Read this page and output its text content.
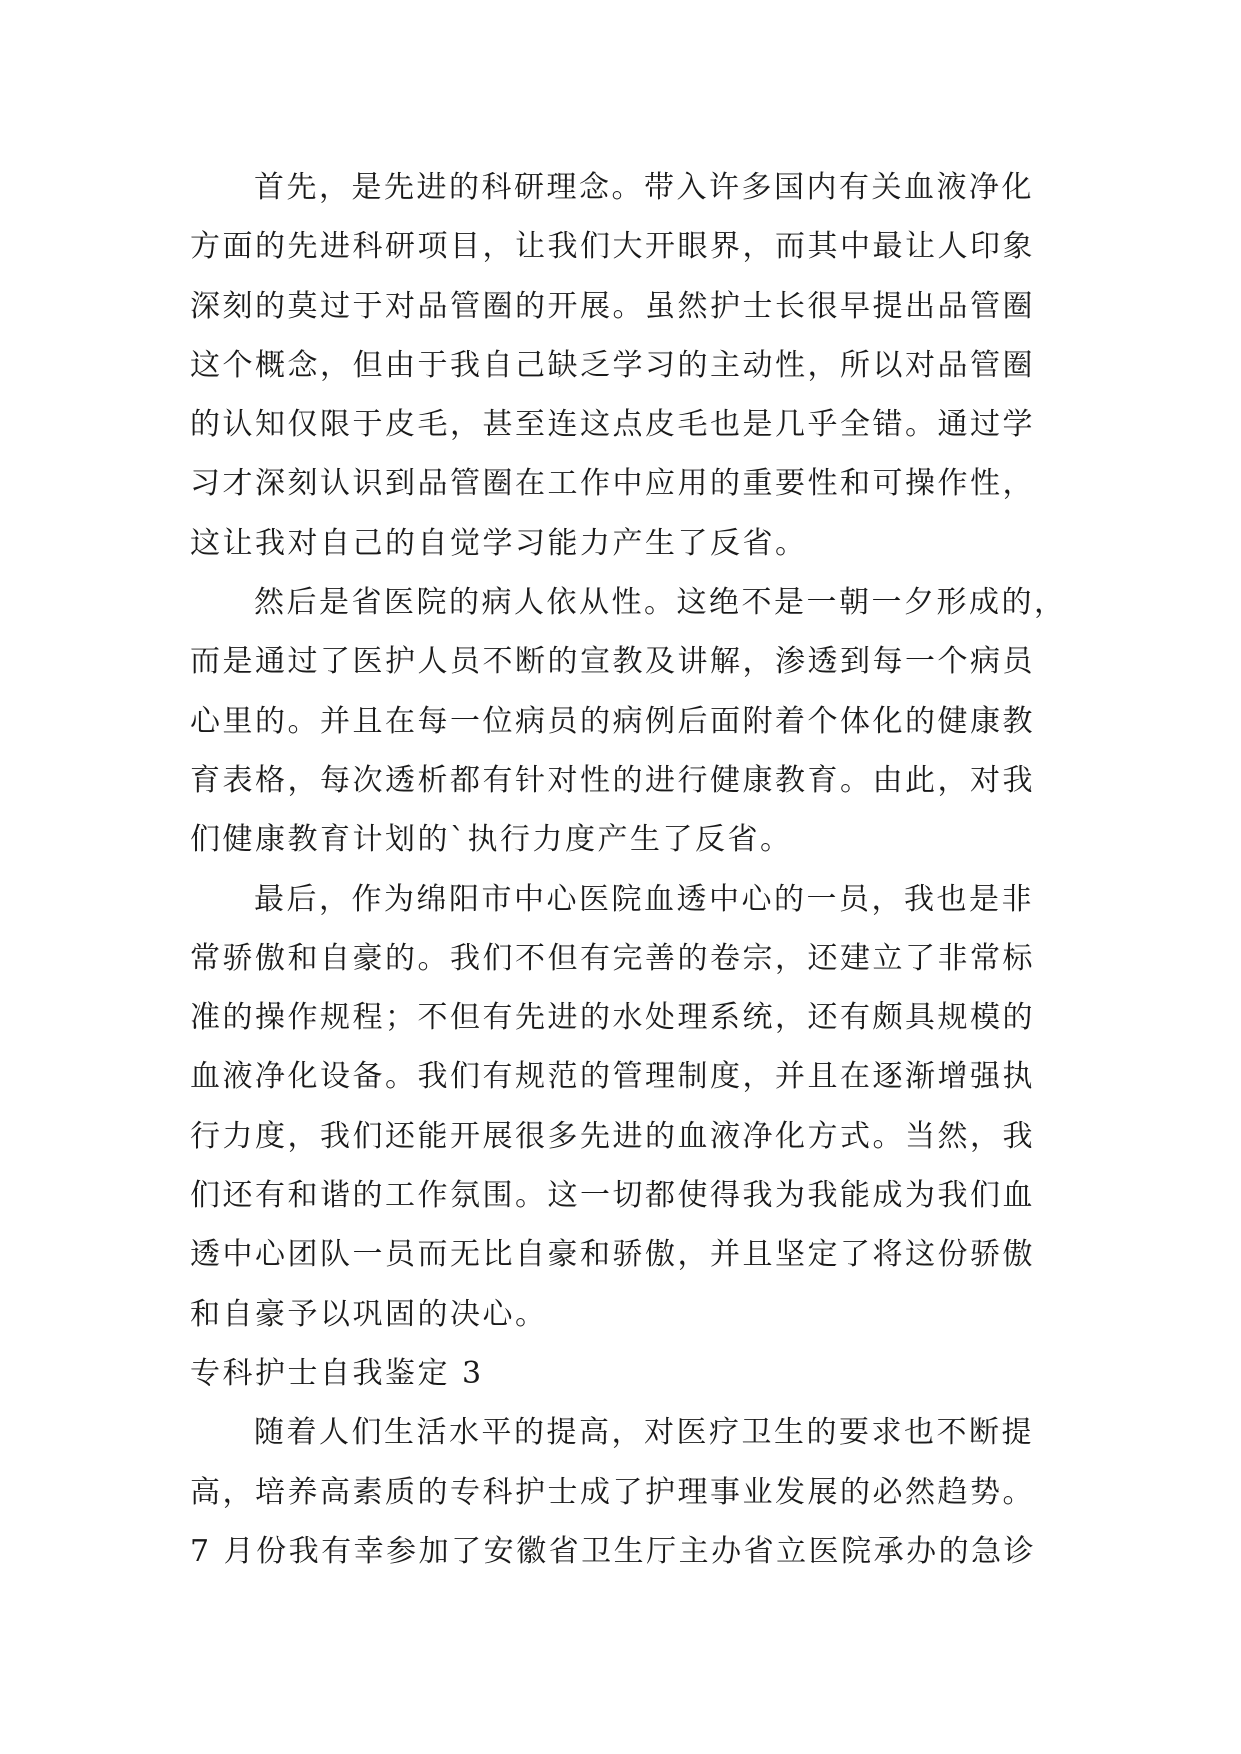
首先，是先进的科研理念。带入许多国内有关血液净化
方面的先进科研项目，让我们大开眼界，而其中最让人印象
深刻的莫过于对品管圈的开展。虽然护士长很早提出品管圈
这个概念，但由于我自己缺乏学习的主动性，所以对品管圈
的认知仅限于皮毛，甚至连这点皮毛也是几乎全错。通过学
习才深刻认识到品管圈在工作中应用的重要性和可操作性，
这让我对自己的自觉学习能力产生了反省。
然后是省医院的病人依从性。这绝不是一朝一夕形成的，
而是通过了医护人员不断的宣教及讲解，渗透到每一个病员
心里的。并且在每一位病员的病例后面附着个体化的健康教
育表格，每次透析都有针对性的进行健康教育。由此，对我
们健康教育计划的`执行力度产生了反省。
最后，作为绵阳市中心医院血透中心的一员，我也是非
常骄傲和自豪的。我们不但有完善的卷宗，还建立了非常标
准的操作规程；不但有先进的水处理系统，还有颇具规模的
血液净化设备。我们有规范的管理制度，并且在逐渐增强执
行力度，我们还能开展很多先进的血液净化方式。当然，我
们还有和谐的工作氛围。这一切都使得我为我能成为我们血
透中心团队一员而无比自豪和骄傲，并且坚定了将这份骄傲
和自豪予以巩固的决心。
专科护士自我鉴定 3
随着人们生活水平的提高，对医疗卫生的要求也不断提
高，培养高素质的专科护士成了护理事业发展的必然趋势。
7 月份我有幸参加了安徽省卫生厅主办省立医院承办的急诊
